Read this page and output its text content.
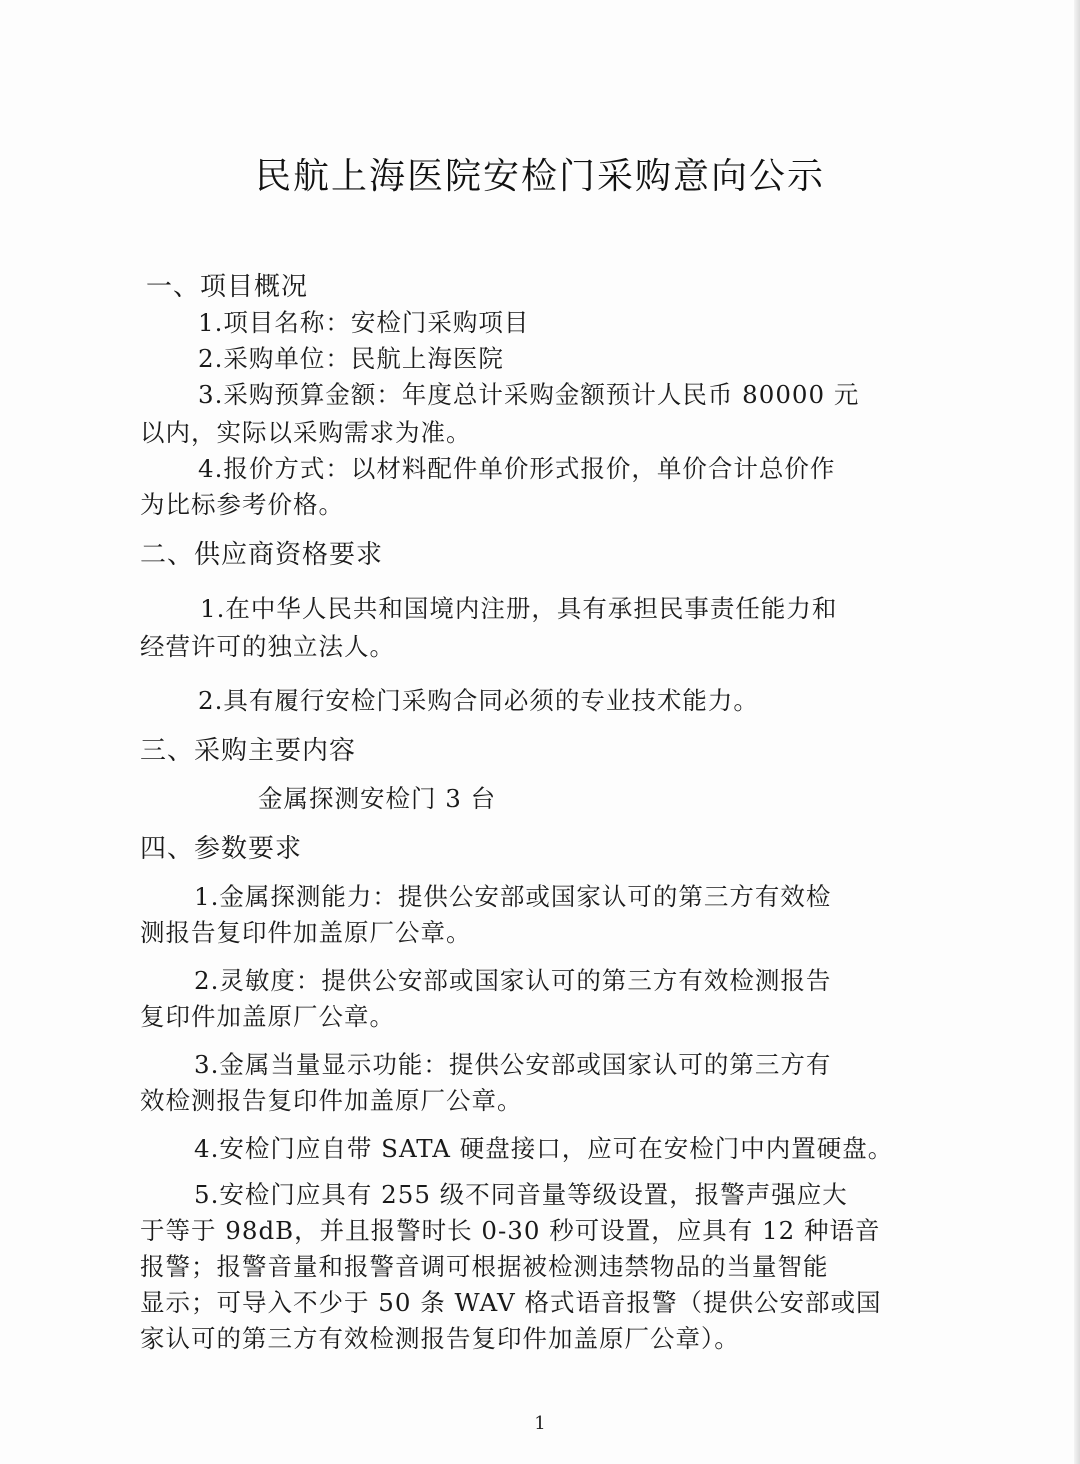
民航上海医院安检门采购意向公示
一、项目概况
1.项目名称：安检门采购项目
2.采购单位：民航上海医院
3.采购预算金额：年度总计采购金额预计人民币 80000 元
以内，实际以采购需求为准。
4.报价方式：以材料配件单价形式报价，单价合计总价作
为比标参考价格。
二、供应商资格要求
1.在中华人民共和国境内注册，具有承担民事责任能力和
经营许可的独立法人。
2.具有履行安检门采购合同必须的专业技术能力。
三、采购主要内容
金属探测安检门 3 台
四、参数要求
1.金属探测能力：提供公安部或国家认可的第三方有效检
测报告复印件加盖原厂公章。
2.灵敏度：提供公安部或国家认可的第三方有效检测报告
复印件加盖原厂公章。
3.金属当量显示功能：提供公安部或国家认可的第三方有
效检测报告复印件加盖原厂公章。
4.安检门应自带 SATA 硬盘接口，应可在安检门中内置硬盘。
5.安检门应具有 255 级不同音量等级设置，报警声强应大
于等于 98dB，并且报警时长 0-30 秒可设置，应具有 12 种语音
报警；报警音量和报警音调可根据被检测违禁物品的当量智能
显示；可导入不少于 50 条 WAV 格式语音报警（提供公安部或国
家认可的第三方有效检测报告复印件加盖原厂公章）。
1
